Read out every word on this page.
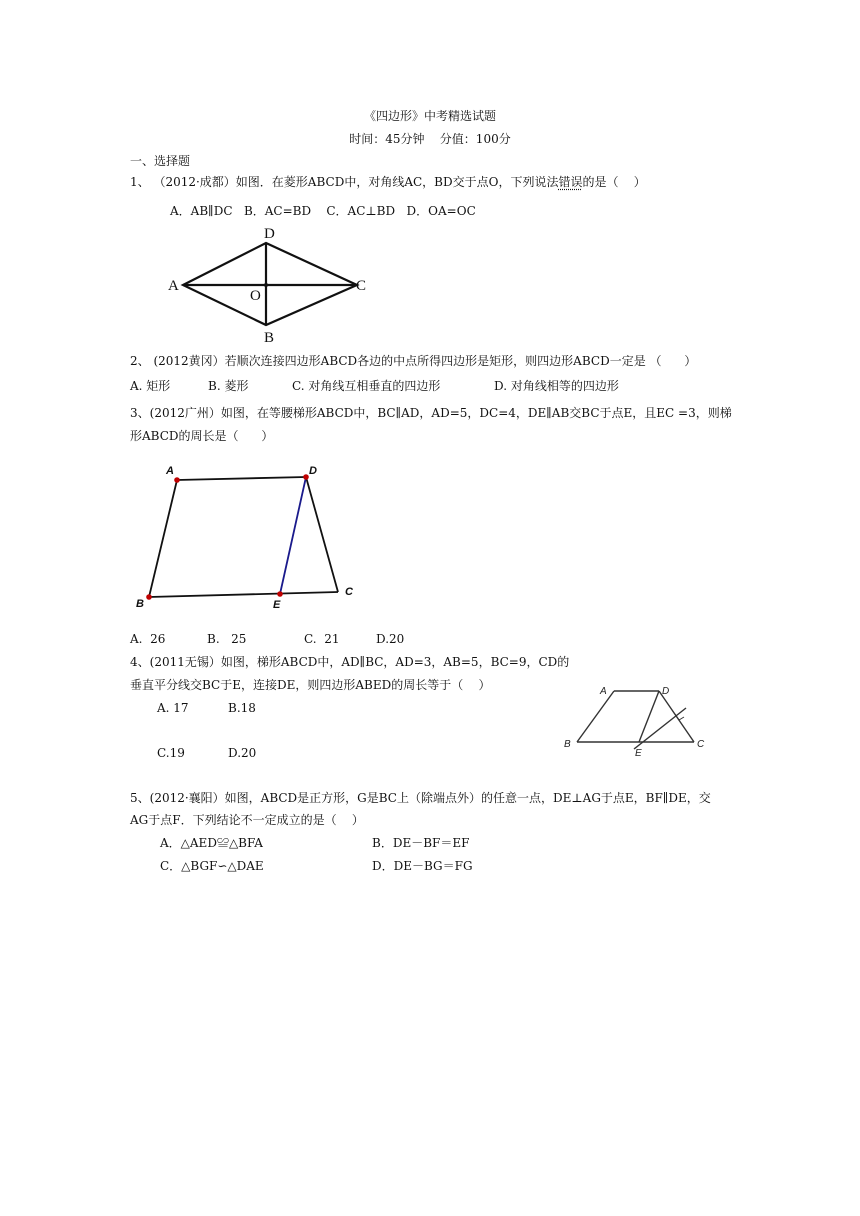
《四边形》中考精选试题
时间：45分钟    分值：100分
一、选择题
1、 （2012·成都）如图．在菱形ABCD中，对角线AC，BD交于点O，下列说法错误的是（    ）
A．AB∥DC   B．AC=BD    C．AC⊥BD   D．OA=OC
D
A	C
O
B
2、 (2012黄冈）若顺次连接四边形ABCD各边的中点所得四边形是矩形，则四边形ABCD一定是 （      ）
A. 矩形	B. 菱形	C. 对角线互相垂直的四边形	D. 对角线相等的四边形
3、(2012广州）如图，在等腰梯形ABCD中，BC∥AD，AD=5，DC=4，DE∥AB交BC于点E，且EC =3，则梯
形ABCD的周长是（      ）
A	D
B	E
C
A.  26	B.   25	C.  21	D.20
4、(2011无锡）如图，梯形ABCD中，AD∥BC，AD=3，AB=5，BC=9，CD的
垂直平分线交BC于E，连接DE，则四边形ABED的周长等于（    ）
A. 17	B.18
C.19	D.20
A	D
B
E
C
5、(2012·襄阳）如图，ABCD是正方形，G是BC上（除端点外）的任意一点，DE⊥AG于点E，BF∥DE，交
AG于点F．下列结论不一定成立的是（    ）
A．△AED≌△BFA	B．DE－BF＝EF
C．△BGF∽△DAE	D．DE－BG＝FG
